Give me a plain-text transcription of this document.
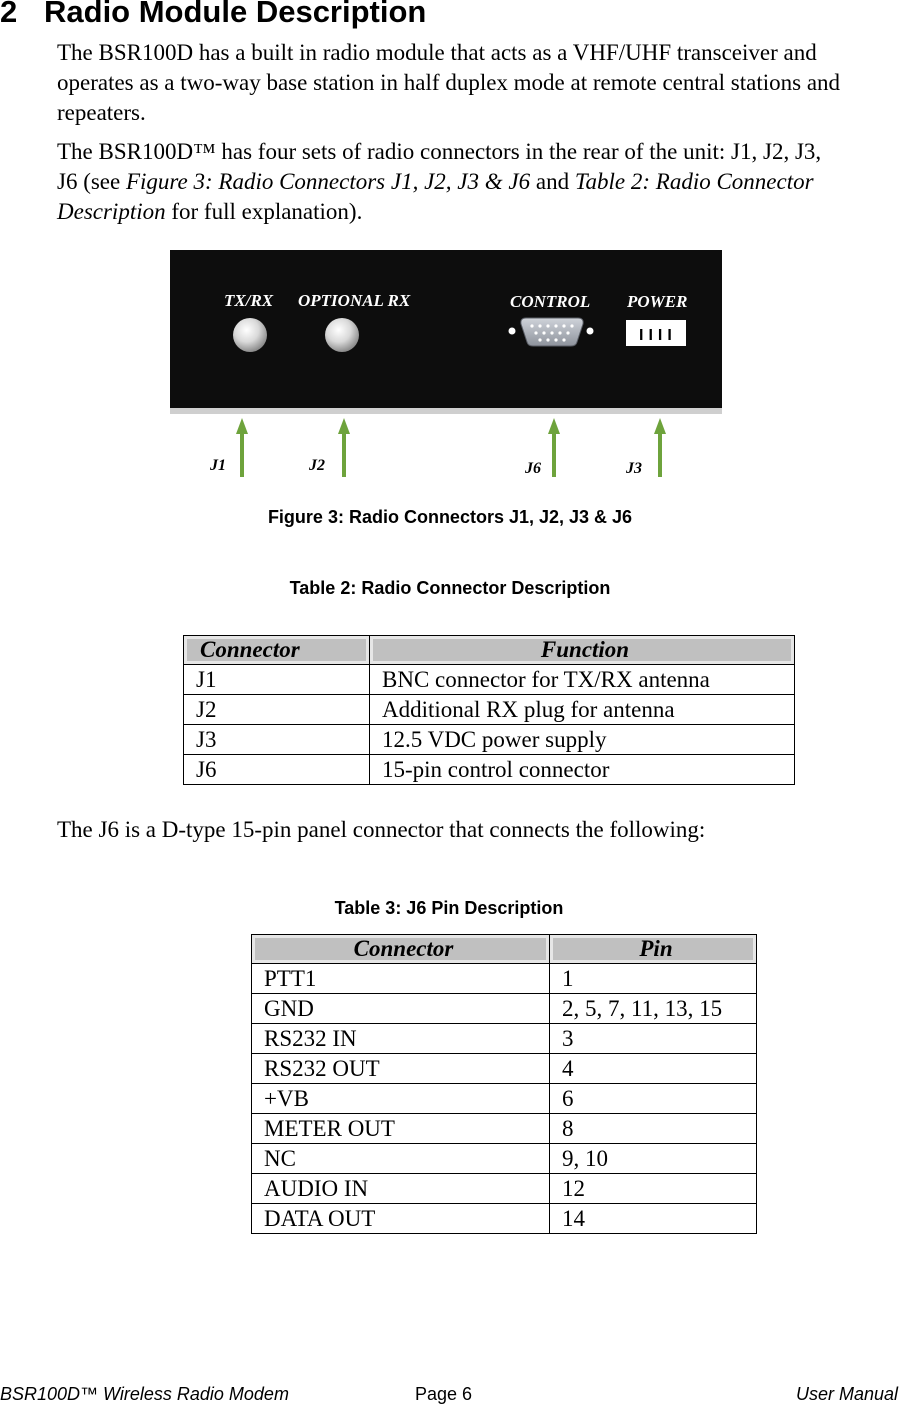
2 Radio Module Description

The BSR100D has a built in radio module that acts as a VHF/UHF transceiver and operates as a two-way base station in half duplex mode at remote central stations and repeaters.

The BSR100D™ has four sets of radio connectors in the rear of the unit: J1, J2, J3, J6 (see Figure 3: Radio Connectors J1, J2, J3 & J6 and Table 2: Radio Connector Description for full explanation).

TX/RX OPTIONAL RX	CONTROL POWER
IIII
J1	J2	J6	J3
Figure 3: Radio Connectors J1, J2, J3 & J6
Table 2: Radio Connector Description
Connector	Function
J1	BNC connector for TX/RX antenna
J2	Additional RX plug for antenna
J3	12.5 VDC power supply
J6	15-pin control connector

The J6 is a D-type 15-pin panel connector that connects the following:

Table 3: J6 Pin Description
Connector	Pin
PTT1	1
GND	2, 5, 7, 11, 13, 15
RS232 IN	3
RS232 OUT	4
+VB	6
METER OUT	8
NC	9, 10
AUDIO IN	12
DATA OUT	14
BSR100D™ Wireless Radio Modem	Page 6	User Manual
